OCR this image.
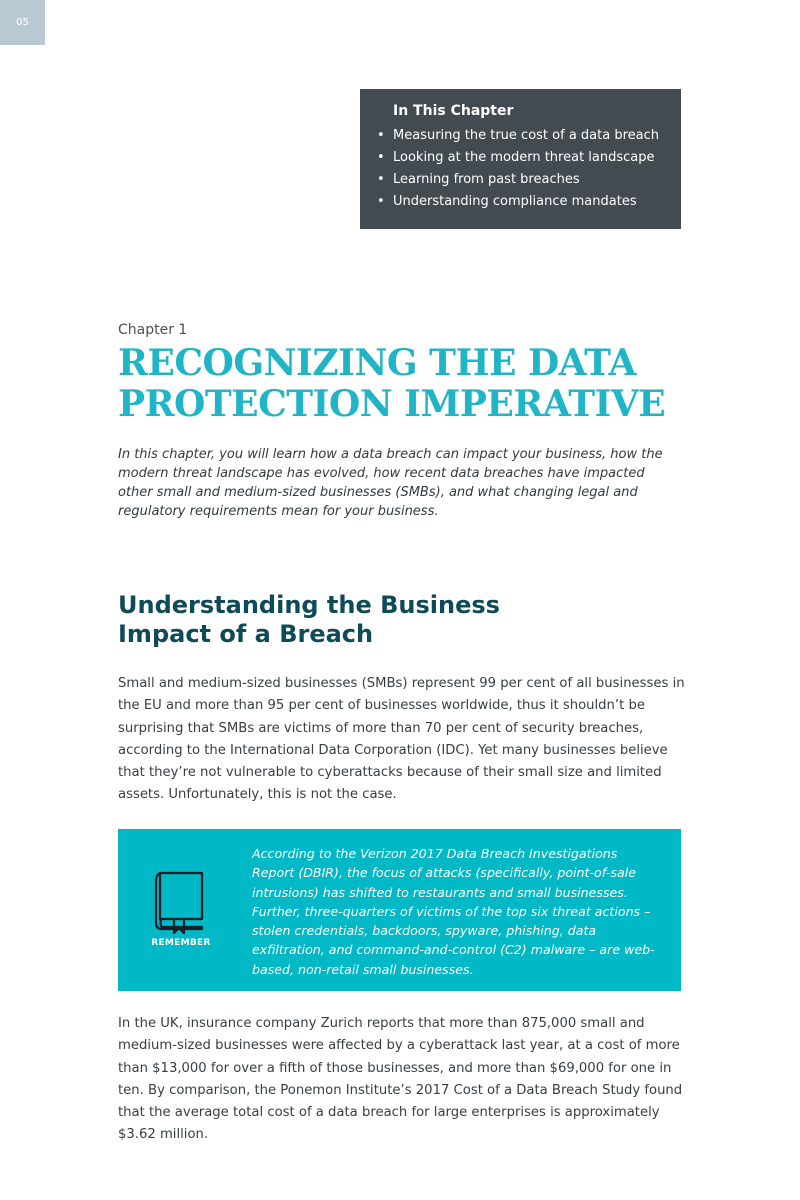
05
In This Chapter
• Measuring the true cost of a data breach
• Looking at the modern threat landscape
• Learning from past breaches
• Understanding compliance mandates
Chapter 1
RECOGNIZING THE DATA
PROTECTION IMPERATIVE

In this chapter, you will learn how a data breach can impact your business, how the modern threat landscape has evolved, how recent data breaches have impacted other small and medium-sized businesses (SMBs), and what changing legal and regulatory requirements mean for your business.

Understanding the Business
Impact of a Breach

Small and medium-sized businesses (SMBs) represent 99 per cent of all businesses in the EU and more than 95 per cent of businesses worldwide, thus it shouldn’t be surprising that SMBs are victims of more than 70 per cent of security breaches, according to the International Data Corporation (IDC). Yet many businesses believe that they’re not vulnerable to cyberattacks because of their small size and limited assets. Unfortunately, this is not the case.

REMEMBER

According to the Verizon 2017 Data Breach Investigations Report (DBIR), the focus of attacks (specifically, point-of-sale intrusions) has shifted to restaurants and small businesses. Further, three-quarters of victims of the top six threat actions – stolen credentials, backdoors, spyware, phishing, data exfiltration, and command-and-control (C2) malware – are web-based, non-retail small businesses.

In the UK, insurance company Zurich reports that more than 875,000 small and medium-sized businesses were affected by a cyberattack last year, at a cost of more than $13,000 for over a fifth of those businesses, and more than $69,000 for one in ten. By comparison, the Ponemon Institute’s 2017 Cost of a Data Breach Study found that the average total cost of a data breach for large enterprises is approximately $3.62 million.
